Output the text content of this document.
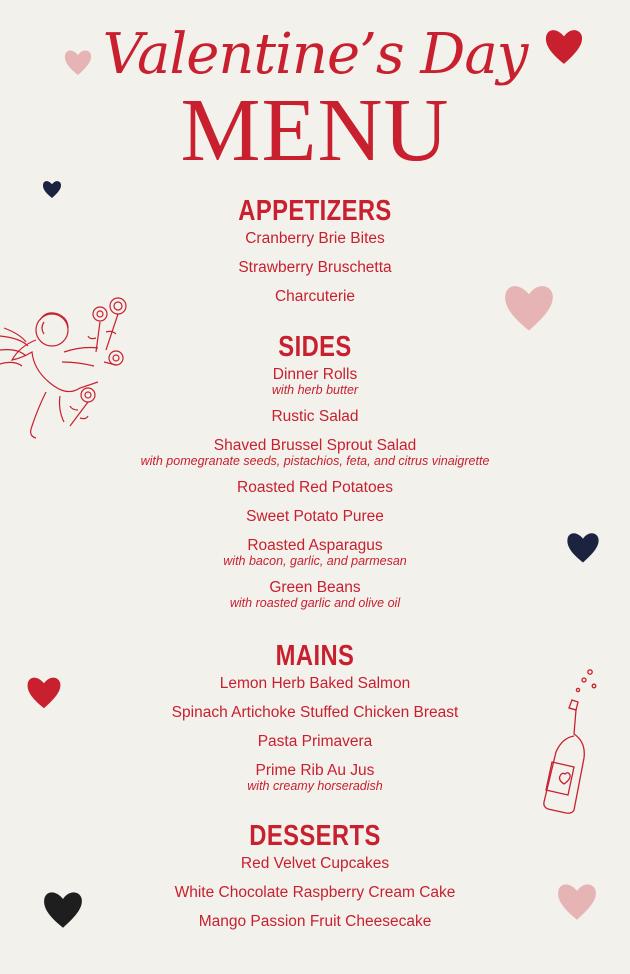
Valentine’s Day
MENU
APPETIZERS
Cranberry Brie Bites
Strawberry Bruschetta
Charcuterie
SIDES
Dinner Rolls
with herb butter
Rustic Salad
Shaved Brussel Sprout Salad
with pomegranate seeds, pistachios, feta, and citrus vinaigrette
Roasted Red Potatoes
Sweet Potato Puree
Roasted Asparagus
with bacon, garlic, and parmesan
Green Beans
with roasted garlic and olive oil
MAINS
Lemon Herb Baked Salmon
Spinach Artichoke Stuffed Chicken Breast
Pasta Primavera
Prime Rib Au Jus
with creamy horseradish
DESSERTS
Red Velvet Cupcakes
White Chocolate Raspberry Cream Cake
Mango Passion Fruit Cheesecake
